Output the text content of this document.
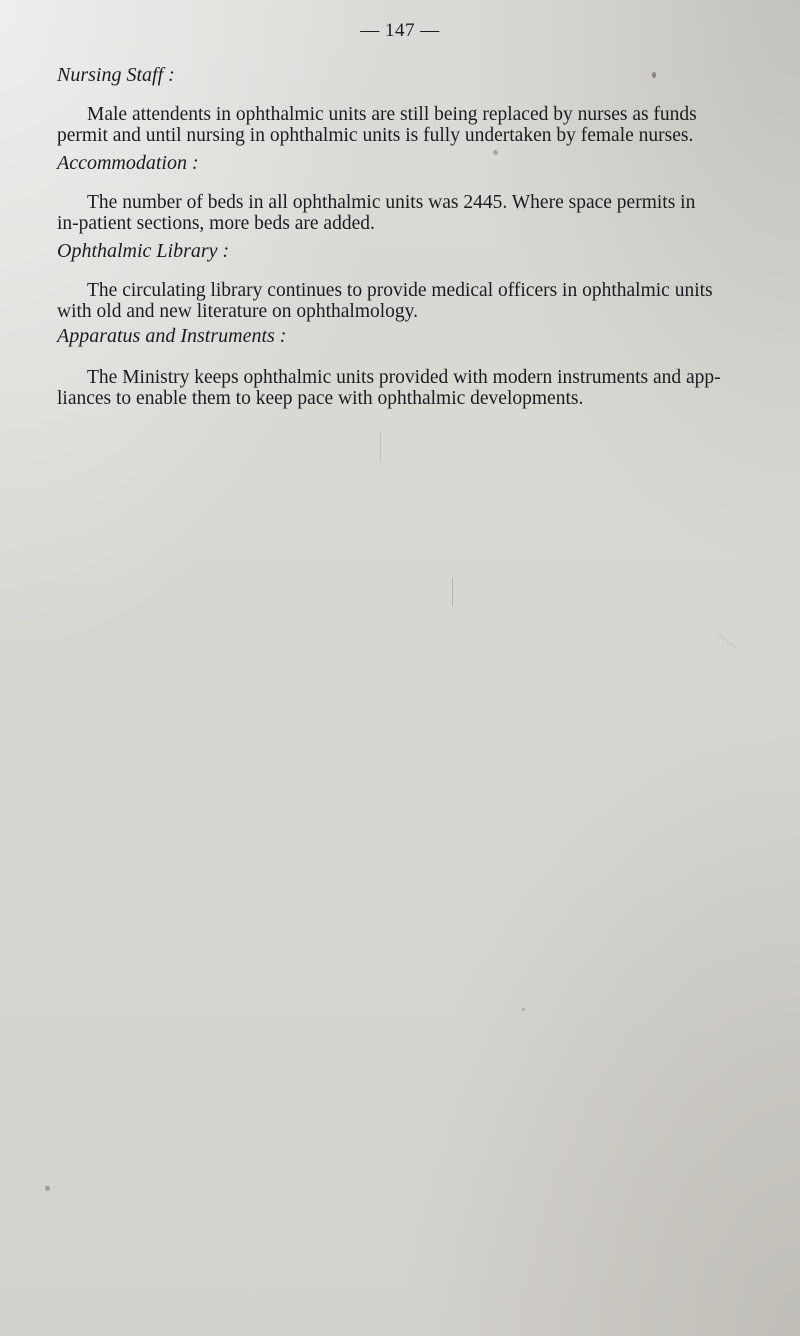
— 147 —
Nursing Staff :
Male attendents in ophthalmic units are still being replaced by nurses as funds
permit and until nursing in ophthalmic units is fully undertaken by female nurses.
Accommodation :
The number of beds in all ophthalmic units was 2445. Where space permits in
in-patient sections, more beds are added.
Ophthalmic Library :
The circulating library continues to provide medical officers in ophthalmic units
with old and new literature on ophthalmology.
Apparatus and Instruments :
The Ministry keeps ophthalmic units provided with modern instruments and app-
liances to enable them to keep pace with ophthalmic developments.
